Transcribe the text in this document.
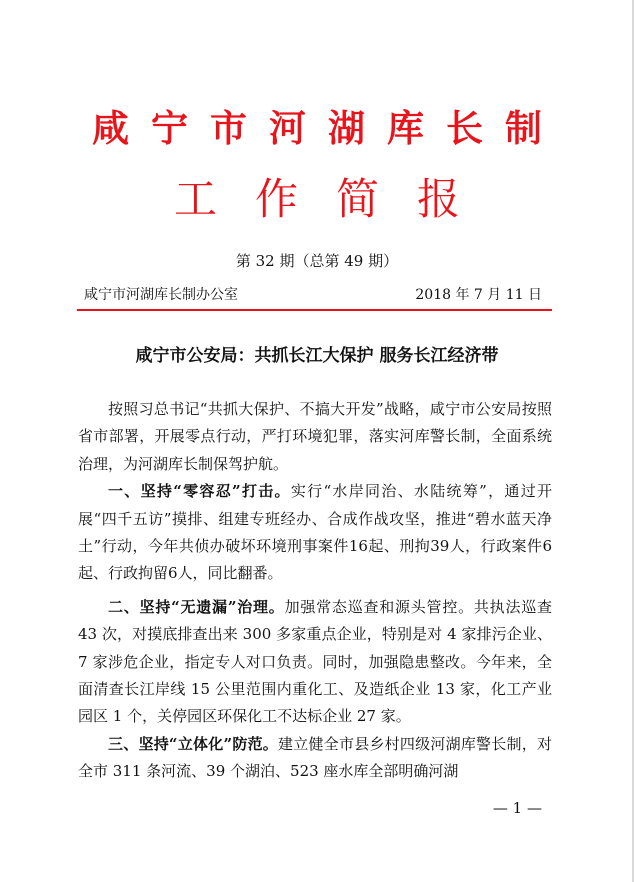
咸宁市河湖库长制
工作简报
第 32 期（总第 49 期）
咸宁市河湖库长制办公室	2018 年 7 月 11 日
咸宁市公安局：共抓长江大保护 服务长江经济带

按照习总书记“共抓大保护、不搞大开发”战略，咸宁市公安局按照省市部署，开展零点行动，严打环境犯罪，落实河库警长制，全面系统治理，为河湖库长制保驾护航。

一、坚持“零容忍”打击。实行“水岸同治、水陆统筹”，通过开展“四千五访”摸排、组建专班经办、合成作战攻坚，推进“碧水蓝天净土”行动，今年共侦办破坏环境刑事案件16起、刑拘39人，行政案件6起、行政拘留6人，同比翻番。

二、坚持“无遗漏”治理。加强常态巡查和源头管控。共执法巡查 43 次，对摸底排查出来 300 多家重点企业，特别是对 4 家排污企业、7 家涉危企业，指定专人对口负责。同时，加强隐患整改。今年来，全面清查长江岸线 15 公里范围内重化工、及造纸企业 13 家，化工产业园区 1 个，关停园区环保化工不达标企业 27 家。

三、坚持“立体化”防范。建立健全市县乡村四级河湖库警长制，对全市 311 条河流、39 个湖泊、523 座水库全部明确河湖

— 1 —
